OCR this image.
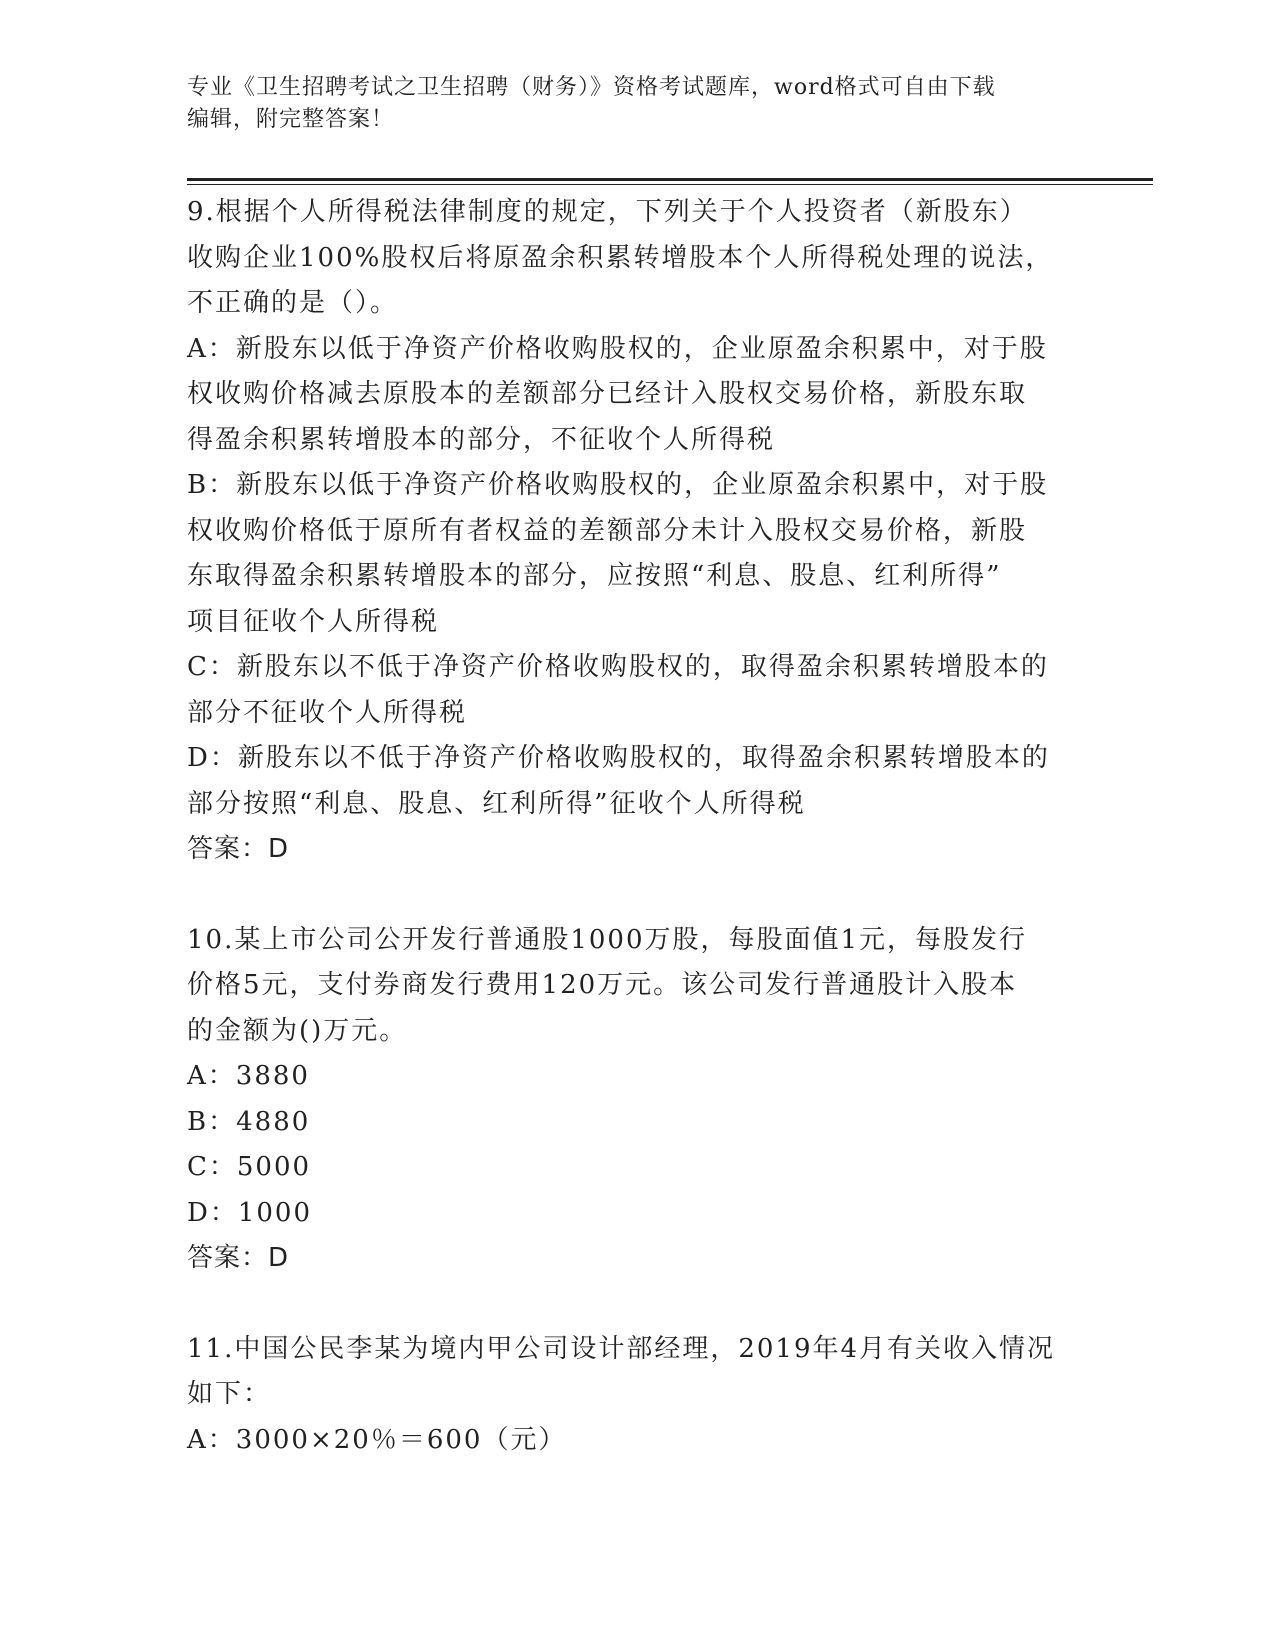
专业《卫生招聘考试之卫生招聘（财务）》资格考试题库，word格式可自由下载
编辑，附完整答案！
9.根据个人所得税法律制度的规定，下列关于个人投资者（新股东）
收购企业100%股权后将原盈余积累转增股本个人所得税处理的说法，
不正确的是（）。
A：新股东以低于净资产价格收购股权的，企业原盈余积累中，对于股
权收购价格减去原股本的差额部分已经计入股权交易价格，新股东取
得盈余积累转增股本的部分，不征收个人所得税
B：新股东以低于净资产价格收购股权的，企业原盈余积累中，对于股
权收购价格低于原所有者权益的差额部分未计入股权交易价格，新股
东取得盈余积累转增股本的部分，应按照“利息、股息、红利所得”
项目征收个人所得税
C：新股东以不低于净资产价格收购股权的，取得盈余积累转增股本的
部分不征收个人所得税
D：新股东以不低于净资产价格收购股权的，取得盈余积累转增股本的
部分按照“利息、股息、红利所得”征收个人所得税
答案：D
10.某上市公司公开发行普通股1000万股，每股面值1元，每股发行
价格5元，支付券商发行费用120万元。该公司发行普通股计入股本
的金额为()万元。
A：3880
B：4880
C：5000
D：1000
答案：D
11.中国公民李某为境内甲公司设计部经理，2019年4月有关收入情况
如下：
A：3000×20％＝600（元）
